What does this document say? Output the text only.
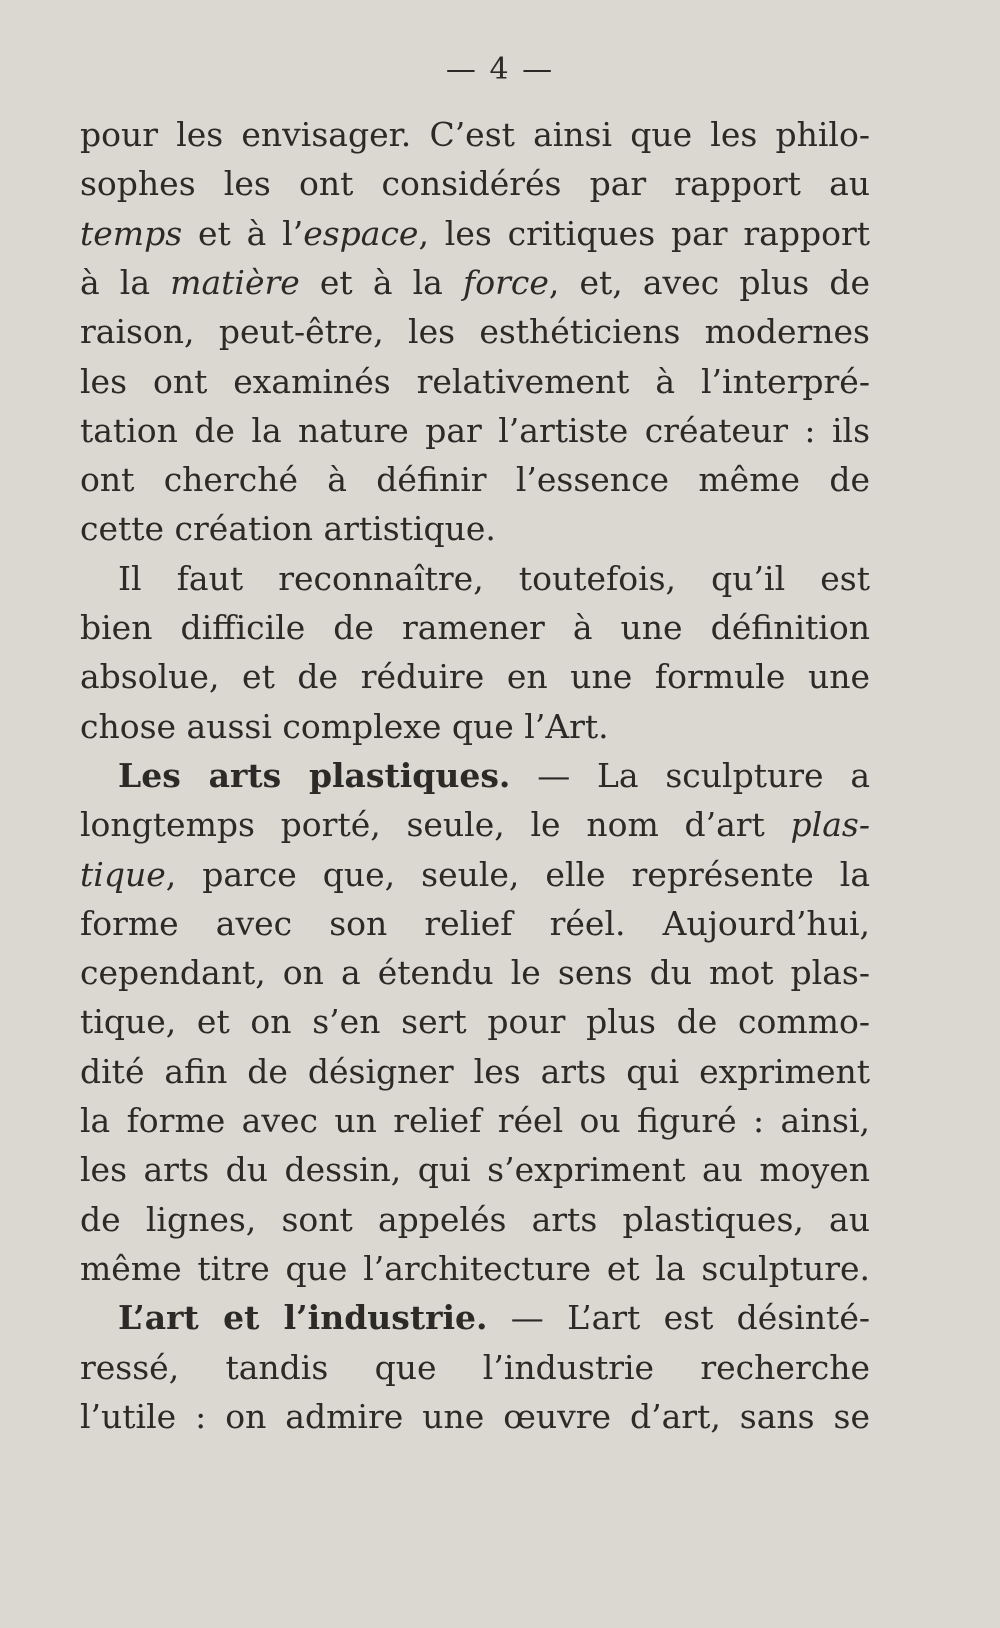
— 4 —
pour les envisager. C’est ainsi que les philo-
sophes les ont considérés par rapport au
temps et à l’espace, les critiques par rapport
à la matière et à la force, et, avec plus de
raison, peut-être, les esthéticiens modernes
les ont examinés relativement à l’interpré-
tation de la nature par l’artiste créateur : ils
ont cherché à définir l’essence même de
cette création artistique.
Il faut reconnaître, toutefois, qu’il est
bien difficile de ramener à une définition
absolue, et de réduire en une formule une
chose aussi complexe que l’Art.
Les arts plastiques. — La sculpture a
longtemps porté, seule, le nom d’art plas-
tique, parce que, seule, elle représente la
forme avec son relief réel. Aujourd’hui,
cependant, on a étendu le sens du mot plas-
tique, et on s’en sert pour plus de commo-
dité afin de désigner les arts qui expriment
la forme avec un relief réel ou figuré : ainsi,
les arts du dessin, qui s’expriment au moyen
de lignes, sont appelés arts plastiques, au
même titre que l’architecture et la sculpture.
L’art et l’industrie. — L’art est désinté-
ressé, tandis que l’industrie recherche
l’utile : on admire une œuvre d’art, sans se
